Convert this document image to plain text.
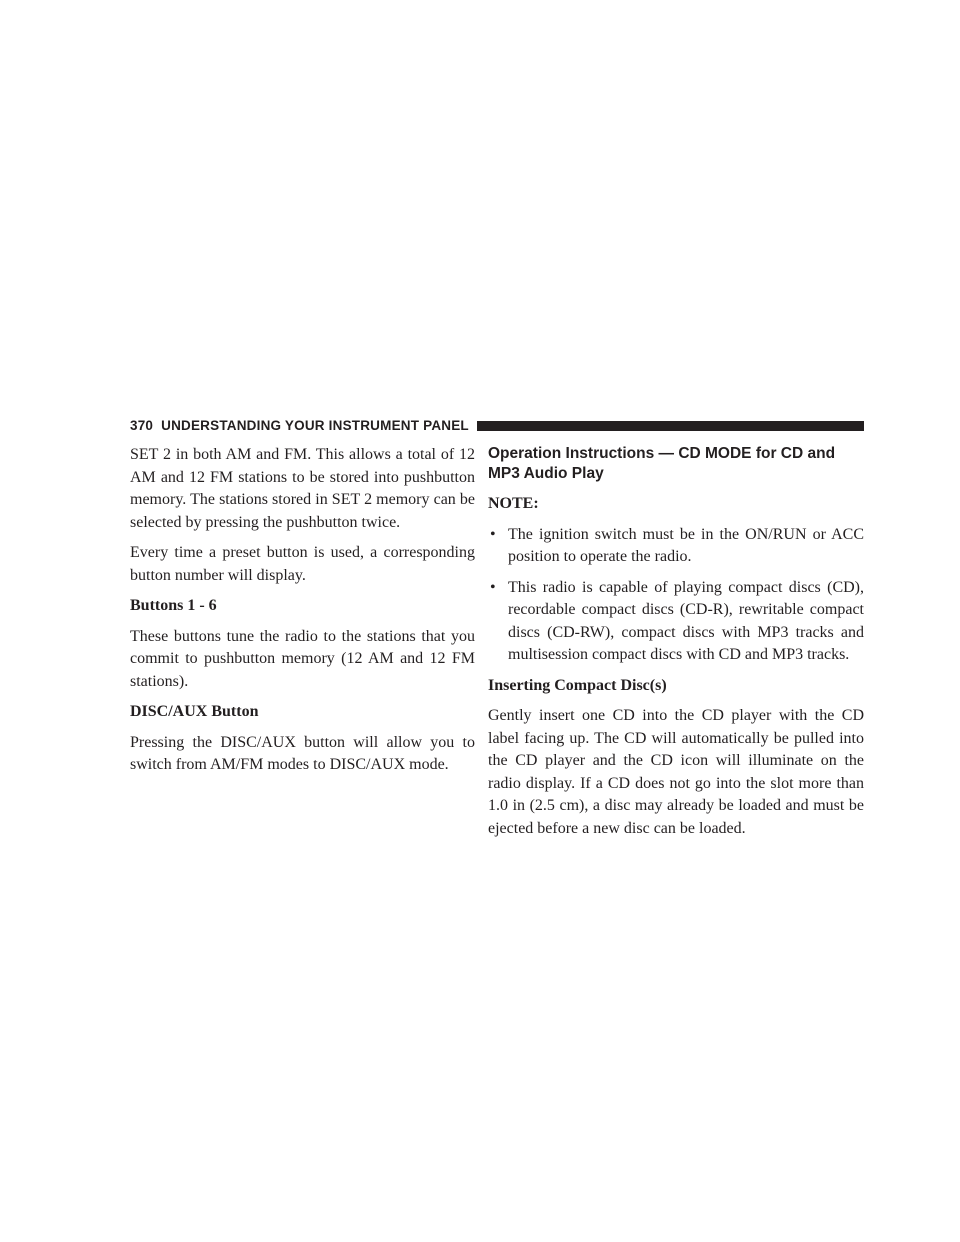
370 UNDERSTANDING YOUR INSTRUMENT PANEL

SET 2 in both AM and FM. This allows a total of 12 AM and 12 FM stations to be stored into pushbutton memory. The stations stored in SET 2 memory can be selected by pressing the pushbutton twice.

Every time a preset button is used, a corresponding button number will display.

Buttons 1 - 6

These buttons tune the radio to the stations that you commit to pushbutton memory (12 AM and 12 FM stations).

DISC/AUX Button

Pressing the DISC/AUX button will allow you to switch from AM/FM modes to DISC/AUX mode.

Operation Instructions — CD MODE for CD and MP3 Audio Play
NOTE:
• The ignition switch must be in the ON/RUN or ACC position to operate the radio.
• This radio is capable of playing compact discs (CD), recordable compact discs (CD-R), rewritable compact discs (CD-RW), compact discs with MP3 tracks and multisession compact discs with CD and MP3 tracks.
Inserting Compact Disc(s)

Gently insert one CD into the CD player with the CD label facing up. The CD will automatically be pulled into the CD player and the CD icon will illuminate on the radio display. If a CD does not go into the slot more than 1.0 in (2.5 cm), a disc may already be loaded and must be ejected before a new disc can be loaded.
